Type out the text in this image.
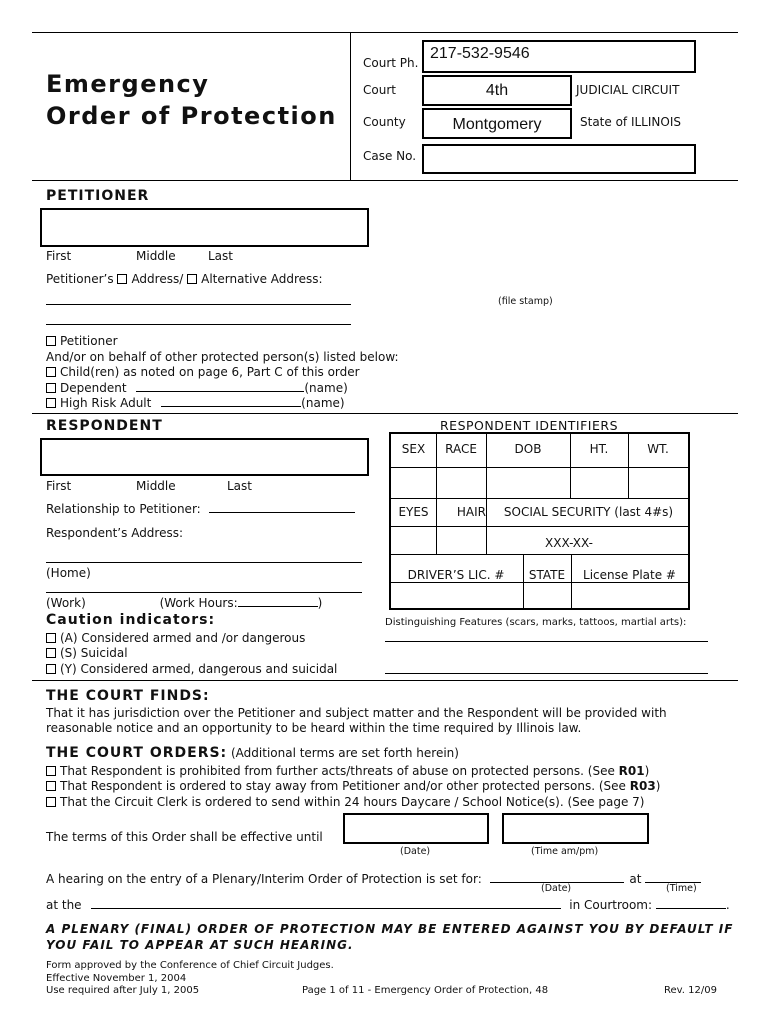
Emergency
Order of Protection
Court Ph.
217-532-9546
Court	4th	JUDICIAL CIRCUIT
County	Montgomery	State of ILLINOIS
Case No.
PETITIONER
First	Middle	Last
Petitioner’s Address/ Alternative Address:
(file stamp)
Petitioner
And/or on behalf of other protected person(s) listed below:
Child(ren) as noted on page 6, Part C of this order
Dependent	(name)
High Risk Adult	(name)
RESPONDENT
First	Middle	Last
Relationship to Petitioner:
Respondent’s Address:
(Home)
(Work)	(Work Hours:	)
Caution indicators:
(A) Considered armed and /or dangerous
(S) Suicidal
(Y) Considered armed, dangerous and suicidal
RESPONDENT IDENTIFIERS
SEX	RACE	DOB	HT.	WT.
EYES	HAIR	SOCIAL SECURITY (last 4#s)
XXX-XX-
DRIVER’S LIC. #	STATE	License Plate #
Distinguishing Features (scars, marks, tattoos, martial arts):
THE COURT FINDS:
That it has jurisdiction over the Petitioner and subject matter and the Respondent will be provided with
reasonable notice and an opportunity to be heard within the time required by Illinois law.
THE COURT ORDERS: (Additional terms are set forth herein)
That Respondent is prohibited from further acts/threats of abuse on protected persons. (See R01)
That Respondent is ordered to stay away from Petitioner and/or other protected persons. (See R03)
That the Circuit Clerk is ordered to send within 24 hours Daycare / School Notice(s). (See page 7)
The terms of this Order shall be effective until
(Date)	(Time am/pm)
A hearing on the entry of a Plenary/Interim Order of Protection is set for:	at
(Date)	(Time)
at the	in Courtroom:	.
A PLENARY (FINAL) ORDER OF PROTECTION MAY BE ENTERED AGAINST YOU BY DEFAULT IF
YOU FAIL TO APPEAR AT SUCH HEARING.
Form approved by the Conference of Chief Circuit Judges.
Effective November 1, 2004
Use required after July 1, 2005	Page 1 of 11 - Emergency Order of Protection, 48	Rev. 12/09
